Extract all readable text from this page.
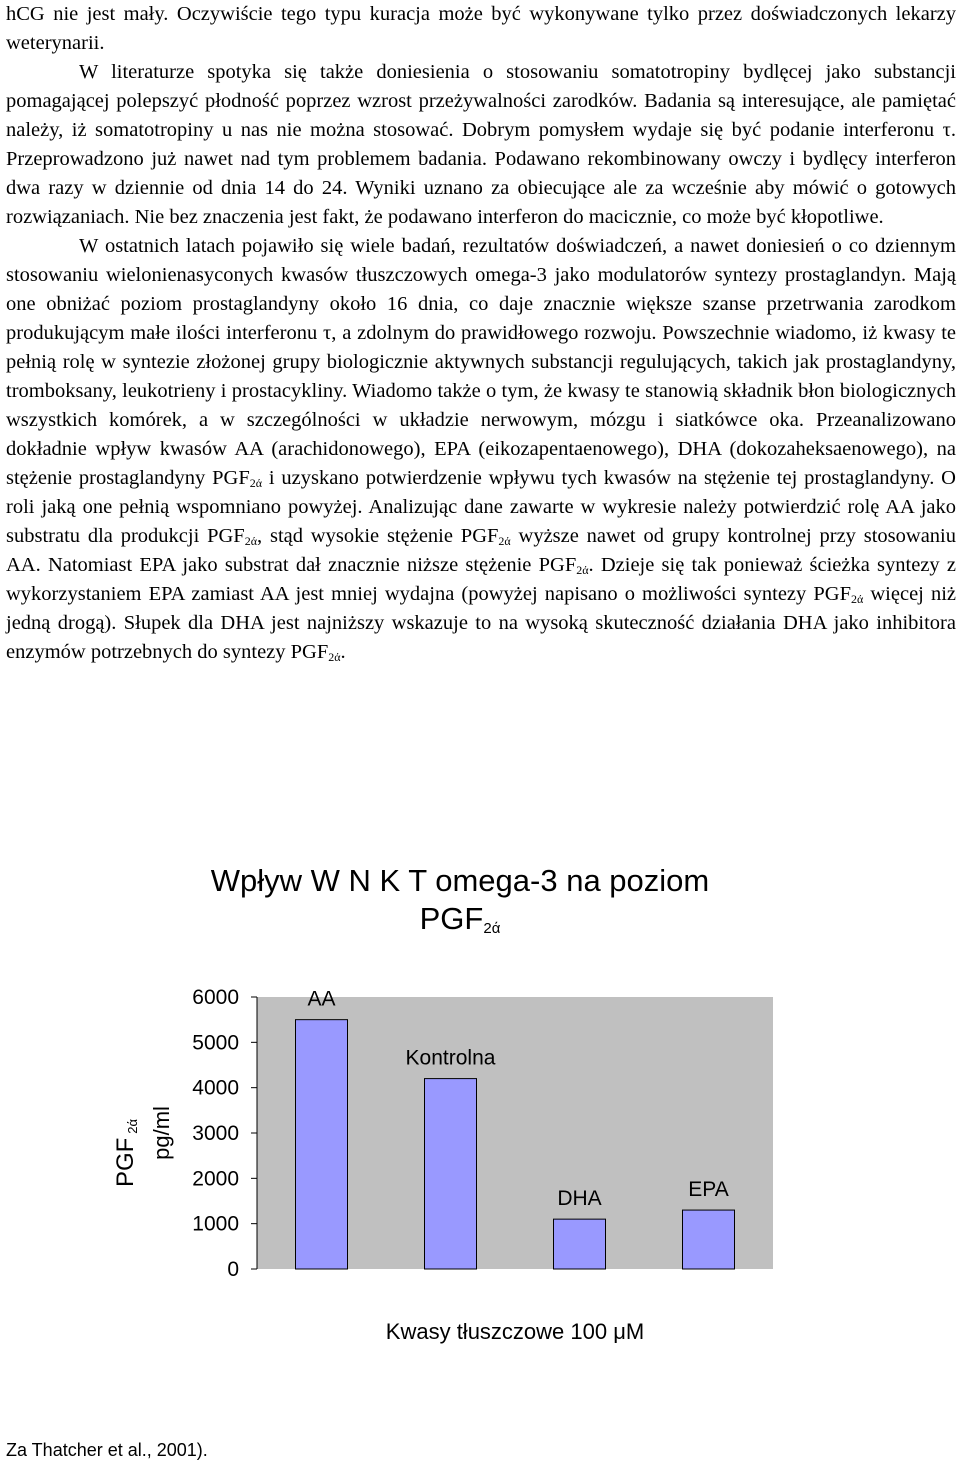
hCG nie jest mały. Oczywiście tego typu kuracja może być wykonywane tylko przez doświadczonych lekarzy weterynarii.

W literaturze spotyka się także doniesienia o stosowaniu somatotropiny bydlęcej jako substancji pomagającej polepszyć płodność poprzez wzrost przeżywalności zarodków. Badania są interesujące, ale pamiętać należy, iż somatotropiny u nas nie można stosować. Dobrym pomysłem wydaje się być podanie interferonu τ. Przeprowadzono już nawet nad tym problemem badania. Podawano rekombinowany owczy i bydlęcy interferon dwa razy w dziennie od dnia 14 do 24. Wyniki uznano za obiecujące ale za wcześnie aby mówić o gotowych rozwiązaniach. Nie bez znaczenia jest fakt, że podawano interferon do macicznie, co może być kłopotliwe.

W ostatnich latach pojawiło się wiele badań, rezultatów doświadczeń, a nawet doniesień o co dziennym stosowaniu wielonienasyconych kwasów tłuszczowych omega-3 jako modulatorów syntezy prostaglandyn. Mają one obniżać poziom prostaglandyny około 16 dnia, co daje znacznie większe szanse przetrwania zarodkom produkującym małe ilości interferonu τ, a zdolnym do prawidłowego rozwoju. Powszechnie wiadomo, iż kwasy te pełnią rolę w syntezie złożonej grupy biologicznie aktywnych substancji regulujących, takich jak prostaglandyny, tromboksany, leukotrieny i prostacykliny. Wiadomo także o tym, że kwasy te stanowią składnik błon biologicznych wszystkich komórek, a w szczególności w układzie nerwowym, mózgu i siatkówce oka. Przeanalizowano dokładnie wpływ kwasów AA (arachidonowego), EPA (eikozapentaenowego), DHA (dokozaheksaenowego), na stężenie prostaglandyny $PGF_{2ά}$ i uzyskano potwierdzenie wpływu tych kwasów na stężenie tej prostaglandyny. O roli jaką one pełnią wspomniano powyżej. Analizując dane zawarte w wykresie należy potwierdzić rolę AA jako substratu dla produkcji $PGF_{2ά}$, stąd wysokie stężenie $PGF_{2ά}$ wyższe nawet od grupy kontrolnej przy stosowaniu AA. Natomiast EPA jako substrat dał znacznie niższe stężenie $PGF_{2ά}$. Dzieje się tak ponieważ ścieżka syntezy z wykorzystaniem EPA zamiast AA jest mniej wydajna (powyżej napisano o możliwości syntezy $PGF_{2ά}$ więcej niż jedną drogą). Słupek dla DHA jest najniższy wskazuje to na wysoką skuteczność działania DHA jako inhibitora enzymów potrzebnych do syntezy $PGF_{2ά}$.

Wpływ W N K T omega-3 na poziom
$PGF_{2ά}$
0
1000
2000
3000
4000
5000
6000	AA
Kontrolna
DHA	EPA
Kwasy tłuszczowe 100 μM
PGF2ά pg/ml
Za Thatcher et al., 2001).
